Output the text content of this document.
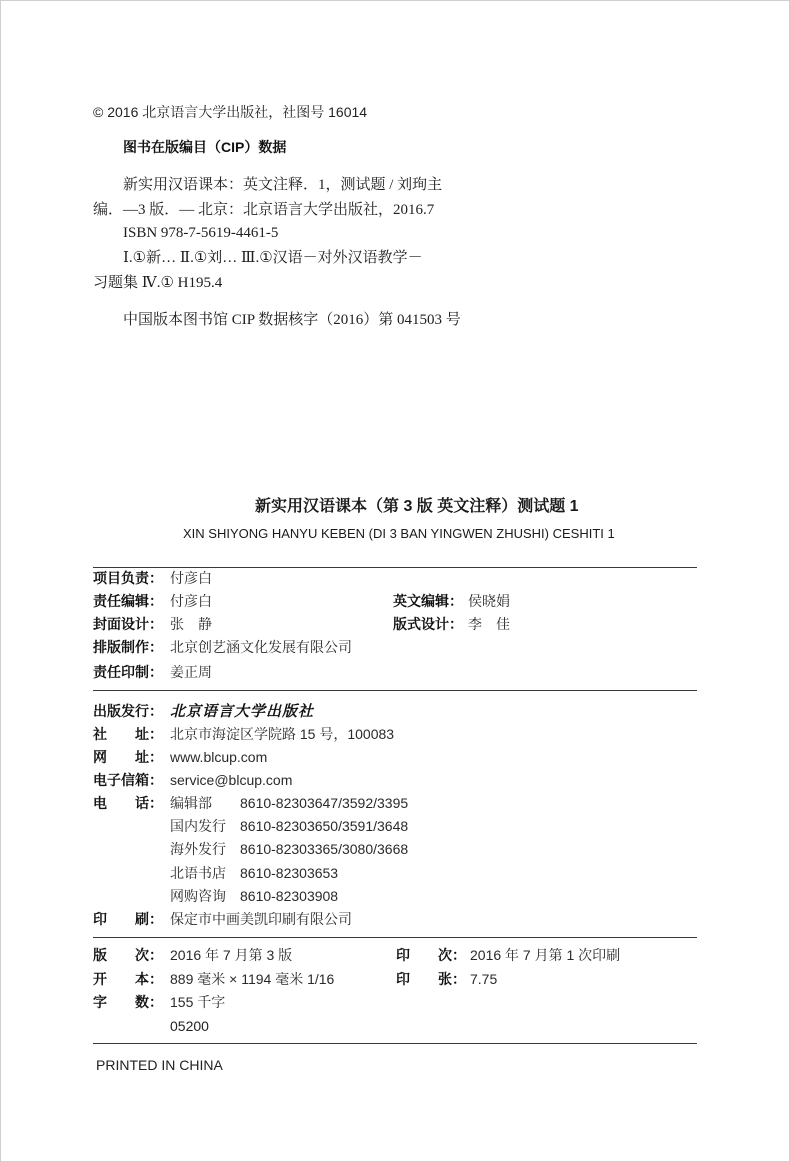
© 2016 北京语言大学出版社，社图号 16014
图书在版编目（CIP）数据
新实用汉语课本：英文注释．1，测试题 / 刘珣主
编．—3 版．— 北京：北京语言大学出版社，2016.7
ISBN 978-7-5619-4461-5
Ⅰ.①新… Ⅱ.①刘… Ⅲ.①汉语－对外汉语教学－
习题集 Ⅳ.① H195.4
中国版本图书馆 CIP 数据核字（2016）第 041503 号
新实用汉语课本（第 3 版 英文注释）测试题 1
XIN SHIYONG HANYU KEBEN (DI 3 BAN YINGWEN ZHUSHI) CESHITI 1
项目负责： 付彦白
责任编辑： 付彦白	英文编辑： 侯晓娟
封面设计： 张　静	版式设计： 李　佳
排版制作： 北京创艺涵文化发展有限公司
责任印制： 姜正周
出版发行： 北京语言大学出版社
社　　址： 北京市海淀区学院路 15 号，100083
网　　址： www.blcup.com
电子信箱： service@blcup.com
电　　话： 编辑部 8610-82303647/3592/3395
国内发行 8610-82303650/3591/3648
海外发行 8610-82303365/3080/3668
北语书店 8610-82303653
网购咨询 8610-82303908
印　　刷： 保定市中画美凯印刷有限公司
版　　次： 2016 年 7 月第 3 版	印　　次： 2016 年 7 月第 1 次印刷
开　　本： 889 毫米 × 1194 毫米 1/16	印　　张： 7.75
字　　数： 155 千字
05200
PRINTED IN CHINA
